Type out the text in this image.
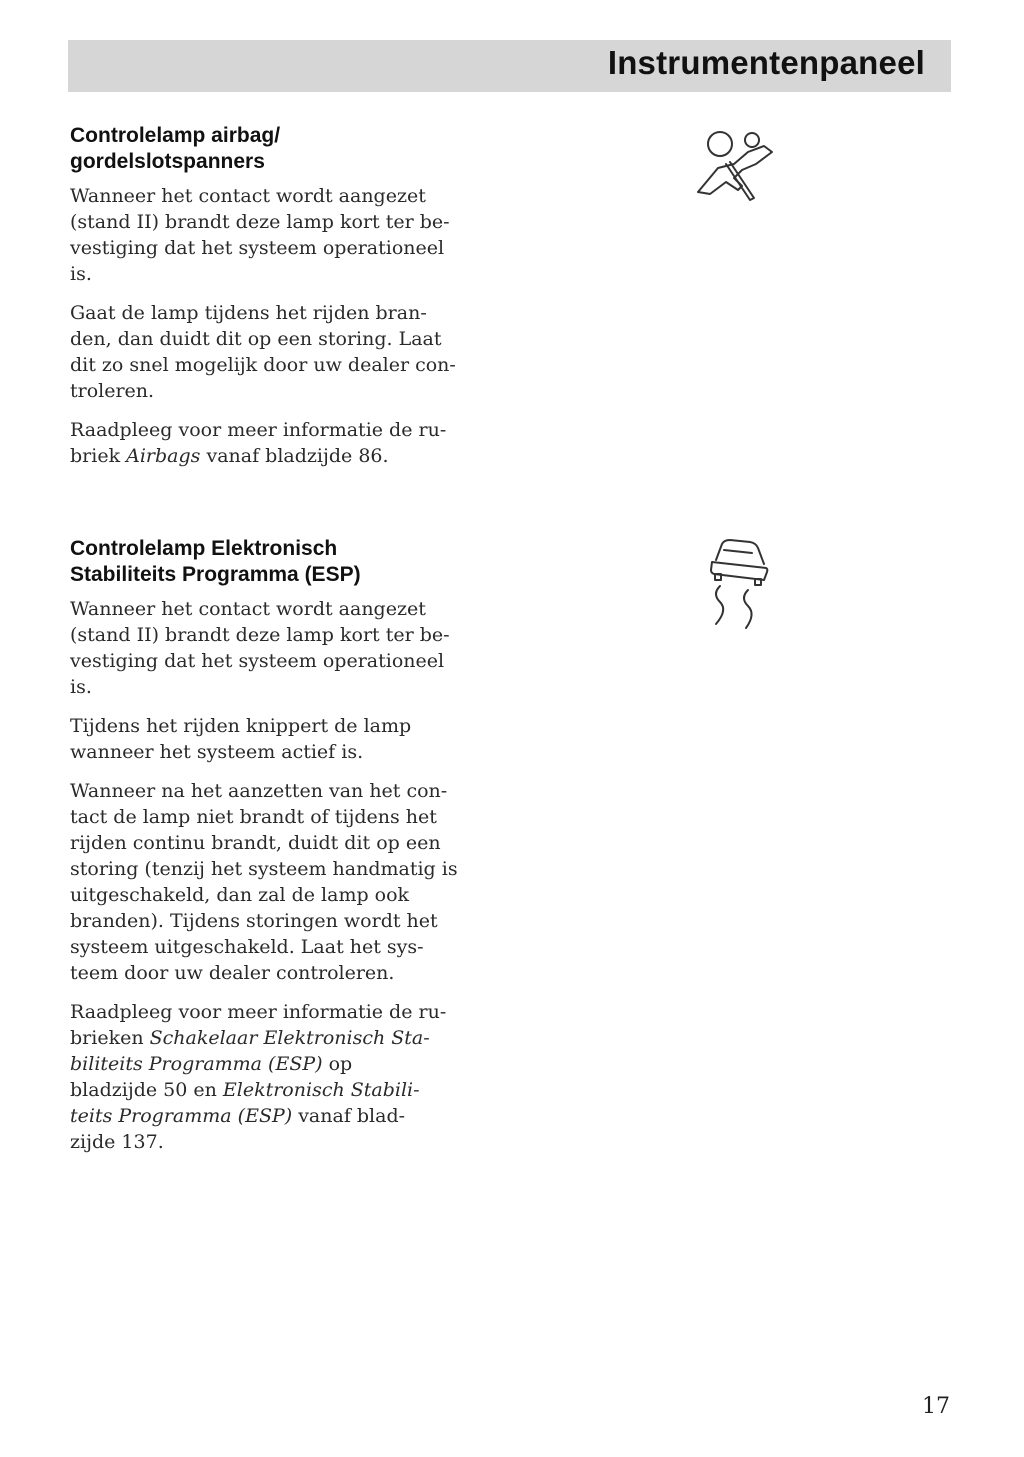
Instrumentenpaneel
Controlelamp airbag/
gordelslotspanners
Wanneer het contact wordt aangezet
(stand II) brandt deze lamp kort ter be-
vestiging dat het systeem operationeel
is.
Gaat de lamp tijdens het rijden bran-
den, dan duidt dit op een storing. Laat
dit zo snel mogelijk door uw dealer con-
troleren.
Raadpleeg voor meer informatie de ru-
briek Airbags vanaf bladzijde 86.
Controlelamp Elektronisch
Stabiliteits Programma (ESP)
Wanneer het contact wordt aangezet
(stand II) brandt deze lamp kort ter be-
vestiging dat het systeem operationeel
is.
Tijdens het rijden knippert de lamp
wanneer het systeem actief is.
Wanneer na het aanzetten van het con-
tact de lamp niet brandt of tijdens het
rijden continu brandt, duidt dit op een
storing (tenzij het systeem handmatig is
uitgeschakeld, dan zal de lamp ook
branden). Tijdens storingen wordt het
systeem uitgeschakeld. Laat het sys-
teem door uw dealer controleren.
Raadpleeg voor meer informatie de ru-
brieken Schakelaar Elektronisch Sta-
biliteits Programma (ESP) op
bladzijde 50 en Elektronisch Stabili-
teits Programma (ESP) vanaf blad-
zijde 137.
17
